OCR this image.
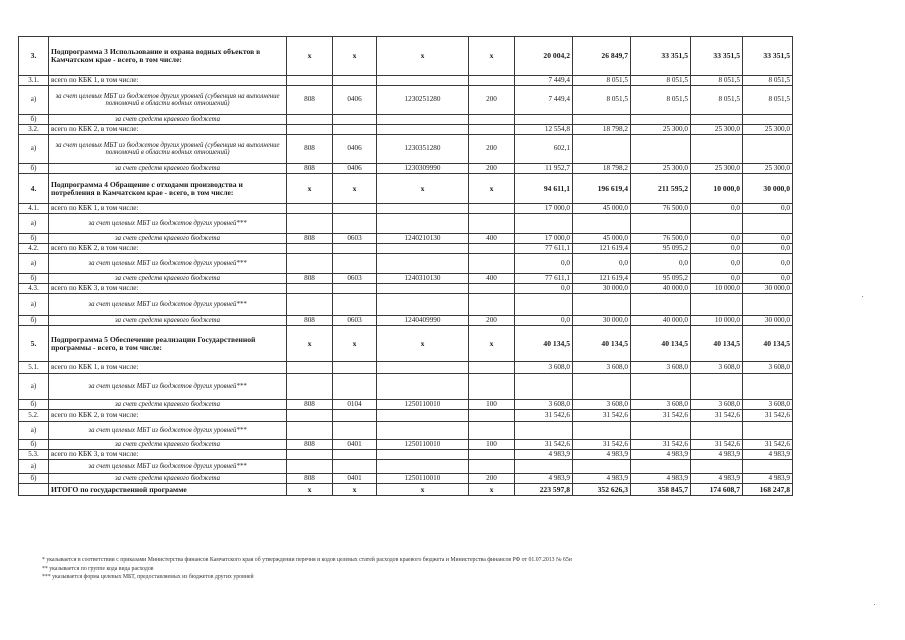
3.	Подпрограмма 3 Использование и охрана водных объектов в Камчатском крае - всего, в том числе:	x	x	x	x	20 004,2	26 849,7	33 351,5	33 351,5	33 351,5
3.1.	всего по КБК 1, в том числе:					7 449,4	8 051,5	8 051,5	8 051,5	8 051,5
а)	за счет целевых МБТ из бюджетов других уровней (субвенция на выполнение полномочий в области водных отношений)	808	0406	1230251280	200	7 449,4	8 051,5	8 051,5	8 051,5	8 051,5
б)	за счет средств краевого бюджета									
3.2.	всего по КБК 2, в том числе:					12 554,8	18 798,2	25 300,0	25 300,0	25 300,0
а)	за счет целевых МБТ из бюджетов других уровней (субвенция на выполнение полномочий в области водных отношений)	808	0406	1230351280	200	602,1				
б)	за счет средств краевого бюджета	808	0406	1230309990	200	11 952,7	18 798,2	25 300,0	25 300,0	25 300,0
4.	Подпрограмма 4 Обращение с отходами производства и потребления в Камчатском крае - всего, в том числе:	x	x	x	x	94 611,1	196 619,4	211 595,2	10 000,0	30 000,0
4.1.	всего по КБК 1, в том числе:					17 000,0	45 000,0	76 500,0	0,0	0,0
а)	за счет целевых МБТ из бюджетов других уровней***									
б)	за счет средств краевого бюджета	808	0603	1240210130	400	17 000,0	45 000,0	76 500,0	0,0	0,0
4.2.	всего по КБК 2, в том числе:					77 611,1	121 619,4	95 095,2	0,0	0,0
а)	за счет целевых МБТ из бюджетов других уровней***					0,0	0,0	0,0	0,0	0,0
б)	за счет средств краевого бюджета	808	0603	1240310130	400	77 611,1	121 619,4	95 095,2	0,0	0,0
4.3.	всего по КБК 3, в том числе:					0,0	30 000,0	40 000,0	10 000,0	30 000,0
а)	за счет целевых МБТ из бюджетов других уровней***									
б)	за счет средств краевого бюджета	808	0603	1240409990	200	0,0	30 000,0	40 000,0	10 000,0	30 000,0
5.	Подпрограмма 5 Обеспечение реализации Государственной программы - всего, в том числе:	x	x	x	x	40 134,5	40 134,5	40 134,5	40 134,5	40 134,5
5.1.	всего по КБК 1, в том числе:					3 608,0	3 608,0	3 608,0	3 608,0	3 608,0
а)	за счет целевых МБТ из бюджетов других уровней***									
б)	за счет средств краевого бюджета	808	0104	1250110010	100	3 608,0	3 608,0	3 608,0	3 608,0	3 608,0
5.2.	всего по КБК 2, в том числе:					31 542,6	31 542,6	31 542,6	31 542,6	31 542,6
а)	за счет целевых МБТ из бюджетов других уровней***									
б)	за счет средств краевого бюджета	808	0401	1250110010	100	31 542,6	31 542,6	31 542,6	31 542,6	31 542,6
5.3.	всего по КБК 3, в том числе:					4 983,9	4 983,9	4 983,9	4 983,9	4 983,9
а)	за счет целевых МБТ из бюджетов других уровней***									
б)	за счет средств краевого бюджета	808	0401	1250110010	200	4 983,9	4 983,9	4 983,9	4 983,9	4 983,9
	ИТОГО по государственной программе	x	x	x	x	223 597,8	352 626,3	358 845,7	174 608,7	168 247,8
* указывается в соответствии с приказами Министерства финансов Камчатского края об утверждении перечня и кодов целевых статей расходов краевого бюджета и Министерства финансов РФ от 01.07.2013 № 65н
** указывается по группе кода вида расходов
*** указывается форма целевых МБТ, предоставляемых из бюджетов других уровней
